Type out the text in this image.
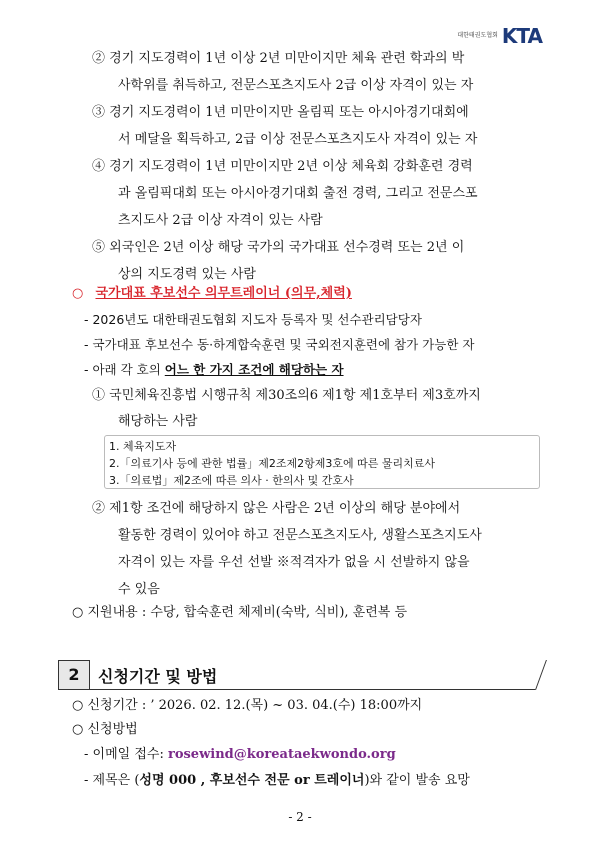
대한태권도협회 KTA
② 경기 지도경력이 1년 이상 2년 미만이지만 체육 관련 학과의 박
사학위를 취득하고, 전문스포츠지도사 2급 이상 자격이 있는 자
③ 경기 지도경력이 1년 미만이지만 올림픽 또는 아시아경기대회에
서 메달을 획득하고, 2급 이상 전문스포츠지도사 자격이 있는 자
④ 경기 지도경력이 1년 미만이지만 2년 이상 체육회 강화훈련 경력
과 올림픽대회 또는 아시아경기대회 출전 경력, 그리고 전문스포
츠지도사 2급 이상 자격이 있는 사람
⑤ 외국인은 2년 이상 해당 국가의 국가대표 선수경력 또는 2년 이
상의 지도경력 있는 사람
○ 국가대표 후보선수 의무트레이너 (의무,체력)
- 2026년도 대한태권도협회 지도자 등록자 및 선수관리담당자
- 국가대표 후보선수 동·하계합숙훈련 및 국외전지훈련에 참가 가능한 자
- 아래 각 호의 어느 한 가지 조건에 해당하는 자
① 국민체육진흥법 시행규칙 제30조의6 제1항 제1호부터 제3호까지
해당하는 사람
1. 체육지도자
2.「의료기사 등에 관한 법률」제2조제2항제3호에 따른 물리치료사
3.「의료법」제2조에 따른 의사 · 한의사 및 간호사
② 제1항 조건에 해당하지 않은 사람은 2년 이상의 해당 분야에서
활동한 경력이 있어야 하고 전문스포츠지도사, 생활스포츠지도사
자격이 있는 자를 우선 선발 ※적격자가 없을 시 선발하지 않을
수 있음
○ 지원내용 : 수당, 합숙훈련 체제비(숙박, 식비), 훈련복 등
2	신청기간 및 방법
○ 신청기간 : ’ 2026. 02. 12.(목) ~ 03. 04.(수) 18:00까지
○ 신청방법
- 이메일 접수: rosewind@koreataekwondo.org
- 제목은 (성명 000 , 후보선수 전문 or 트레이너)와 같이 발송 요망
- 2 -
